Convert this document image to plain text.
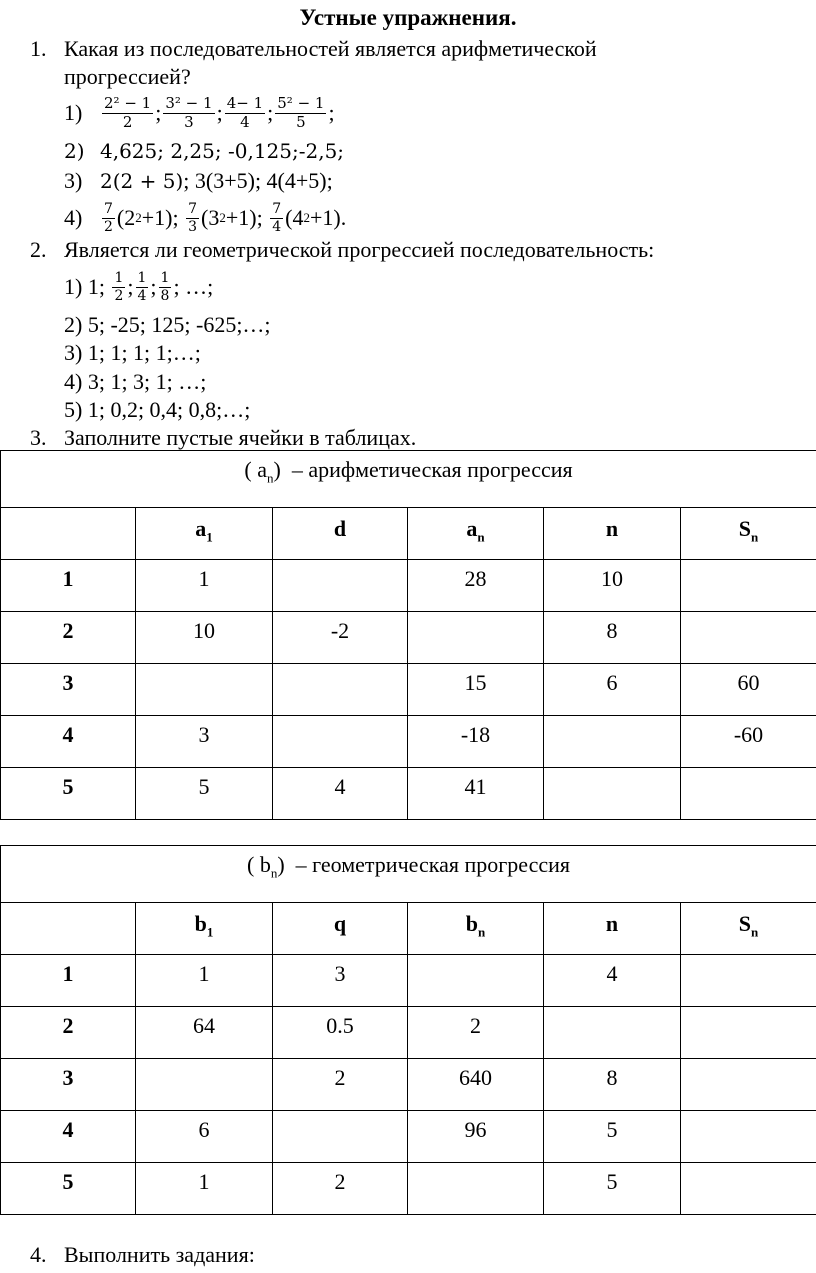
Устные упражнения.
1. Какая из последовательностей является арифметической
прогрессией?
1)	$\frac{\text{2² − 1}}{2}$ ; $\frac{\text{3² − 1}}{3}$ ; $\frac{4- 1}{4}$ ; $\frac{\text{5² − 1}}{5}$ ;
2) 4,625; 2,25; -0,125;-2,5;
3) 2(2 + 5); 3(3+5); 4(4+5);
4)	$\frac{7}{2} (2$ 2 +1); $\frac{7}{3} (3$ 2 +1); $\frac{7}{4} (4$ 2 +1).
2. Является ли геометрической прогрессией последовательность:
1)
1; $\frac{1}{2}$ ; $\frac{1}{4}$ ; $\frac{1}{8}$ ; …;
2) 5; -25; 125; -625;…;
3) 1; 1; 1; 1;…;
4) 3; 1; 3; 1; …;
5) 1; 0,2; 0,4; 0,8;…;
3. Заполните пустые ячейки в таблицах.
( $a_n$)  – арифметическая прогрессия					
	$a_1$	d	$a_n$	n	$S_n$
1	1		28	10	
2	10	-2		8	
3			15	6	60
4	3		-18		-60
5	5	4	41		
( $b_n$)  – геометрическая прогрессия					
	$b_1$	q	$b_n$	n	$S_n$
1	1	3		4	
2	64	0.5	2		
3		2	640	8	
4	6		96	5	
5	1	2		5	
4. Выполнить задания:
